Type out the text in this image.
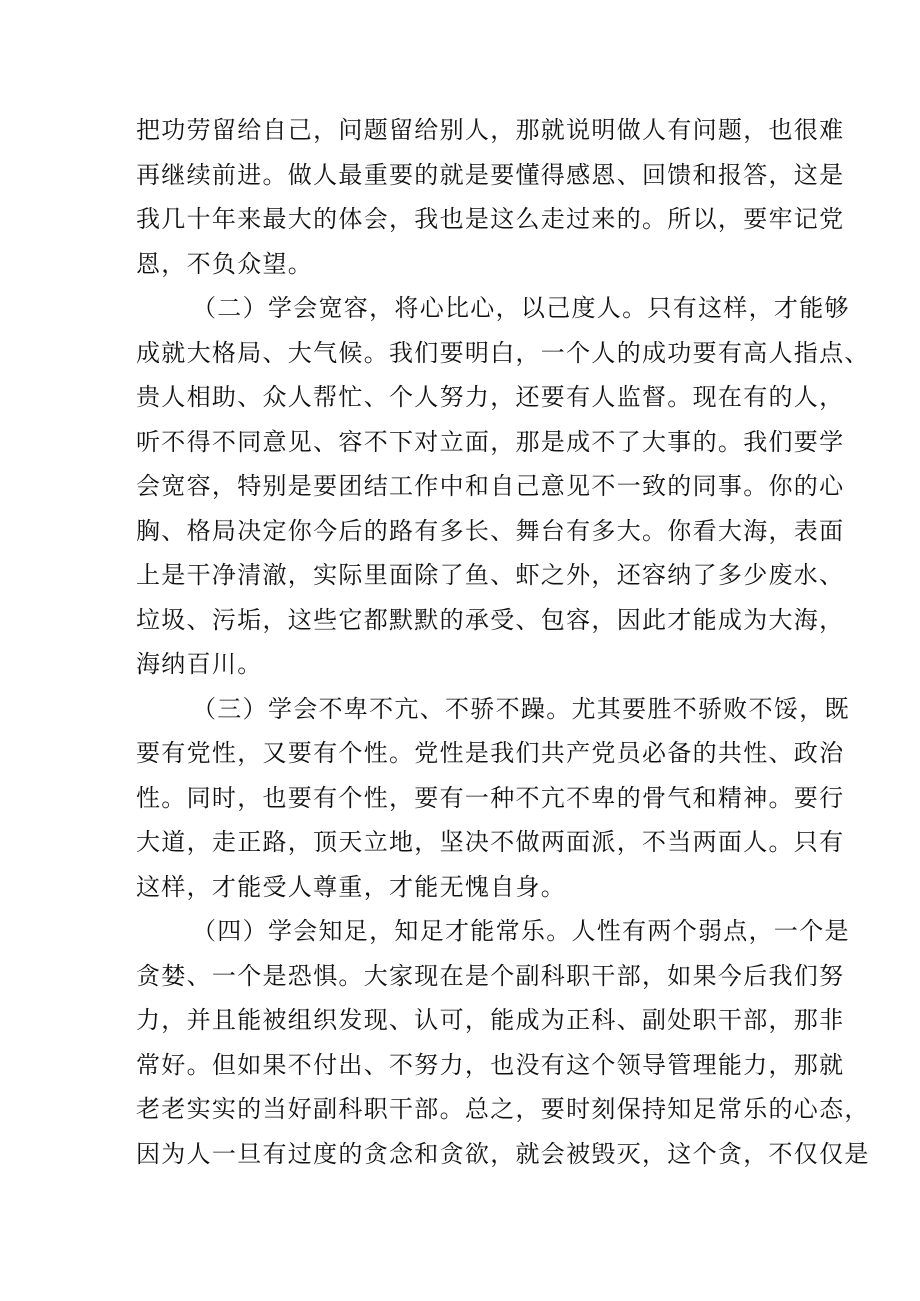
把功劳留给自己，问题留给别人，那就说明做人有问题，也很难
再继续前进。做人最重要的就是要懂得感恩、回馈和报答，这是
我几十年来最大的体会，我也是这么走过来的。所以，要牢记党
恩，不负众望。
（二）学会宽容，将心比心，以己度人。只有这样，才能够
成就大格局、大气候。我们要明白，一个人的成功要有高人指点、
贵人相助、众人帮忙、个人努力，还要有人监督。现在有的人，
听不得不同意见、容不下对立面，那是成不了大事的。我们要学
会宽容，特别是要团结工作中和自己意见不一致的同事。你的心
胸、格局决定你今后的路有多长、舞台有多大。你看大海，表面
上是干净清澈，实际里面除了鱼、虾之外，还容纳了多少废水、
垃圾、污垢，这些它都默默的承受、包容，因此才能成为大海，
海纳百川。
（三）学会不卑不亢、不骄不躁。尤其要胜不骄败不馁，既
要有党性，又要有个性。党性是我们共产党员必备的共性、政治
性。同时，也要有个性，要有一种不亢不卑的骨气和精神。要行
大道，走正路，顶天立地，坚决不做两面派，不当两面人。只有
这样，才能受人尊重，才能无愧自身。
（四）学会知足，知足才能常乐。人性有两个弱点，一个是
贪婪、一个是恐惧。大家现在是个副科职干部，如果今后我们努
力，并且能被组织发现、认可，能成为正科、副处职干部，那非
常好。但如果不付出、不努力，也没有这个领导管理能力，那就
老老实实的当好副科职干部。总之，要时刻保持知足常乐的心态，
因为人一旦有过度的贪念和贪欲，就会被毁灭，这个贪，不仅仅是
